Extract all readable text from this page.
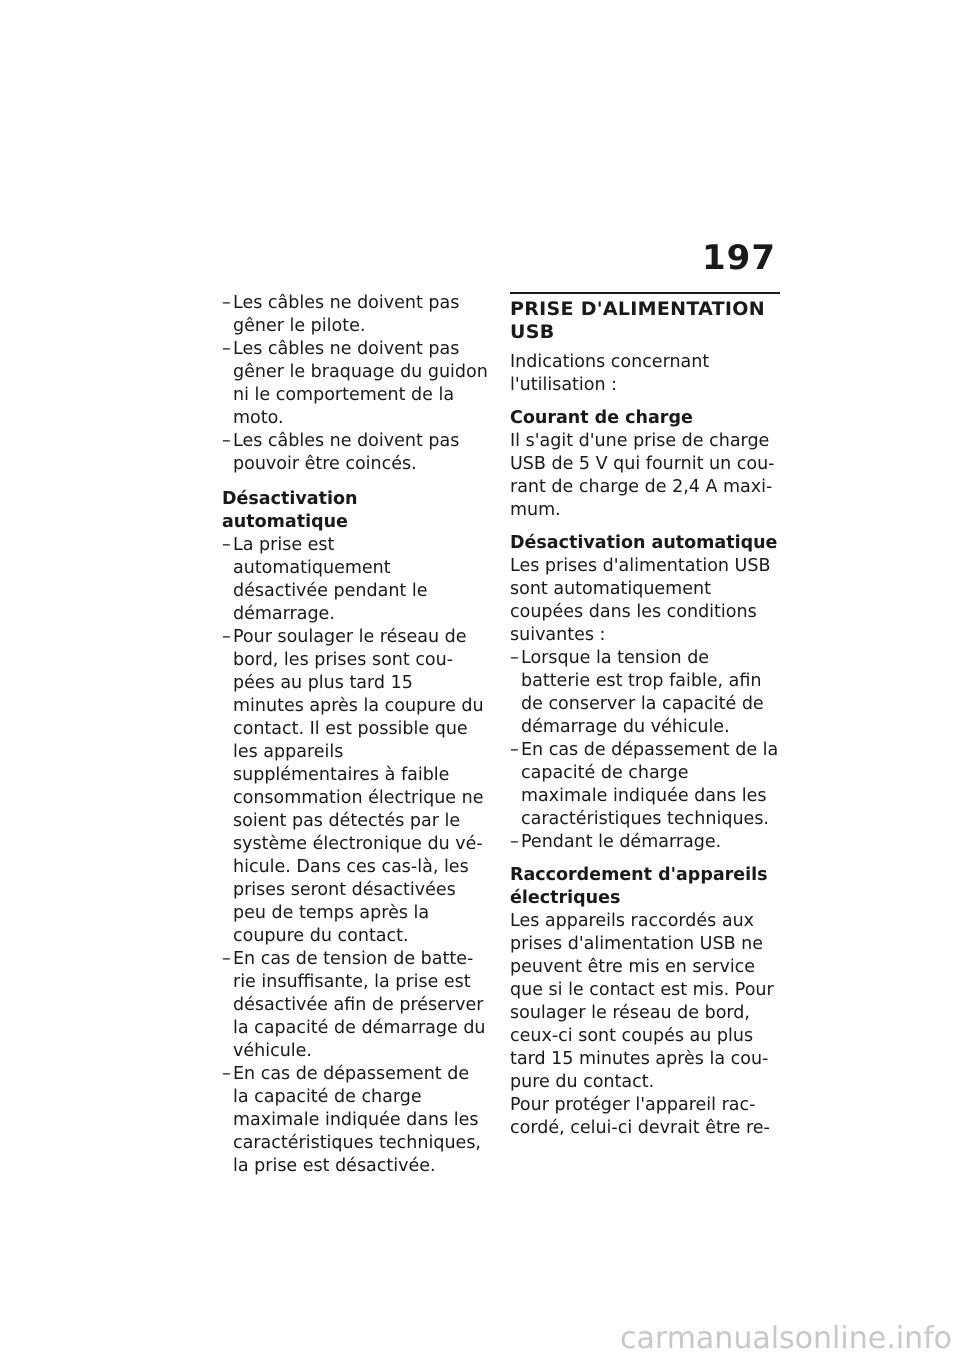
197
– Les câbles ne doivent pas gêner le pilote.
– Les câbles ne doivent pas gêner le braquage du guidon ni le comportement de la moto.
– Les câbles ne doivent pas pouvoir être coincés.
Désactivation automatique
– La prise est automatiquement désactivée pendant le démarrage.
– Pour soulager le réseau de bord, les prises sont coupées au plus tard 15 minutes après la coupure du contact. Il est possible que les appareils supplémentaires à faible consommation électrique ne soient pas détectés par le système électronique du véhicule. Dans ces cas-là, les prises seront désactivées peu de temps après la coupure du contact.
– En cas de tension de batterie insuffisante, la prise est désactivée afin de préserver la capacité de démarrage du véhicule.
– En cas de dépassement de la capacité de charge maximale indiquée dans les caractéristiques techniques, la prise est désactivée.
PRISE D'ALIMENTATION USB

Indications concernant l'utilisation :

Courant de charge

Il s'agit d'une prise de charge USB de 5 V qui fournit un courant de charge de 2,4 A maximum.

Désactivation automatique

Les prises d'alimentation USB sont automatiquement coupées dans les conditions suivantes :

– Lorsque la tension de batterie est trop faible, afin de conserver la capacité de démarrage du véhicule.
– En cas de dépassement de la capacité de charge maximale indiquée dans les caractéristiques techniques.
– Pendant le démarrage.
Raccordement d'appareils électriques

Les appareils raccordés aux prises d'alimentation USB ne peuvent être mis en service que si le contact est mis. Pour soulager le réseau de bord, ceux-ci sont coupés au plus tard 15 minutes après la coupure du contact.

Pour protéger l'appareil raccordé, celui-ci devrait être re-

carmanualsonline.info
